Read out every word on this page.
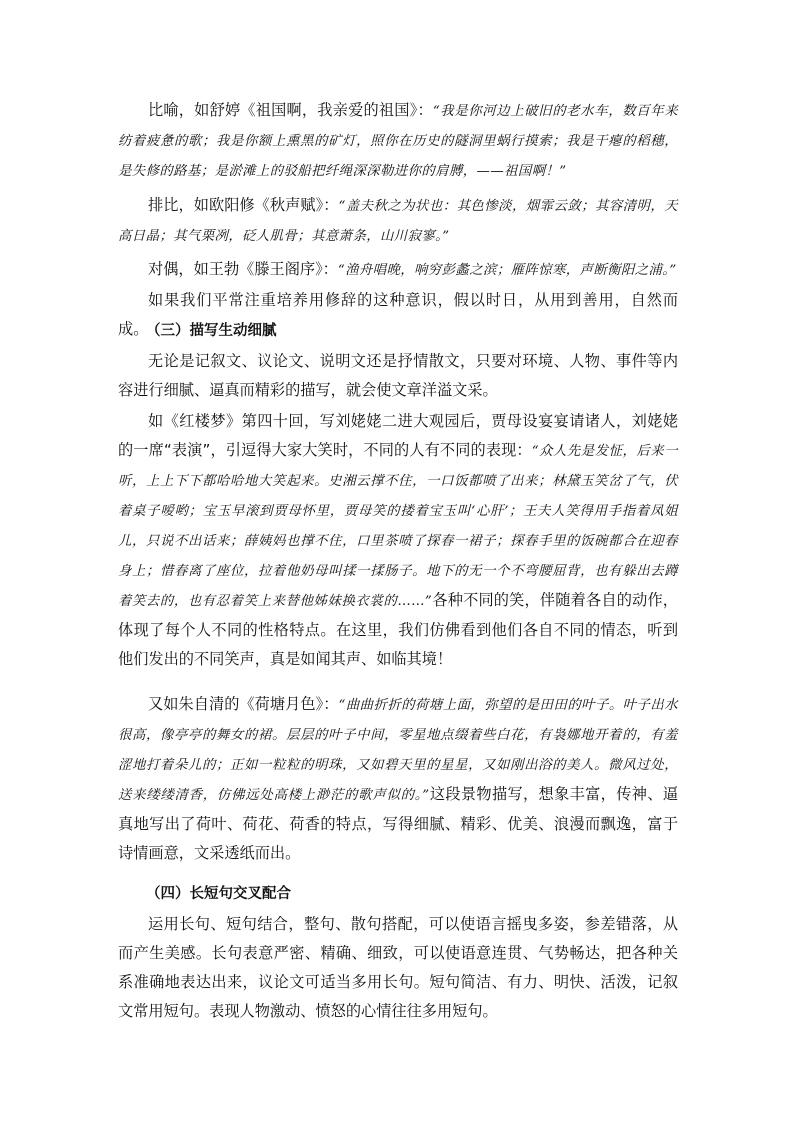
比喻，如舒婷《祖国啊，我亲爱的祖国》：“我是你河边上破旧的老水车，数百年来纺着疲惫的歌；我是你额上熏黑的矿灯，照你在历史的隧洞里蜗行摸索；我是干瘪的稻穗，是失修的路基；是淤滩上的驳船把纤绳深深勒进你的肩膊，——祖国啊！”

排比，如欧阳修《秋声赋》：“盖夫秋之为状也：其色惨淡，烟霏云敛；其容清明，天高日晶；其气栗冽，砭人肌骨；其意萧条，山川寂寥。”

对偶，如王勃《滕王阁序》：“渔舟唱晚，响穷彭蠡之滨；雁阵惊寒，声断衡阳之浦。”

如果我们平常注重培养用修辞的这种意识，假以时日，从用到善用，自然而成。

（三）描写生动细腻

无论是记叙文、议论文、说明文还是抒情散文，只要对环境、人物、事件等内容进行细腻、逼真而精彩的描写，就会使文章洋溢文采。

如《红楼梦》第四十回，写刘姥姥二进大观园后，贾母设宴宴请诸人，刘姥姥的一席“表演”，引逗得大家大笑时，不同的人有不同的表现：“众人先是发怔，后来一听，上上下下都哈哈地大笑起来。史湘云撑不住，一口饭都喷了出来；林黛玉笑岔了气，伏着桌子嗳哟；宝玉早滚到贾母怀里，贾母笑的搂着宝玉叫‘心肝’；王夫人笑得用手指着凤姐儿，只说不出话来；薛姨妈也撑不住，口里茶喷了探春一裙子；探春手里的饭碗都合在迎春身上；惜春离了座位，拉着他奶母叫揉一揉肠子。地下的无一个不弯腰屈背，也有躲出去蹲着笑去的，也有忍着笑上来替他姊妹换衣裳的……”各种不同的笑，伴随着各自的动作，体现了每个人不同的性格特点。在这里，我们仿佛看到他们各自不同的情态，听到他们发出的不同笑声，真是如闻其声、如临其境！

又如朱自清的《荷塘月色》：“曲曲折折的荷塘上面，弥望的是田田的叶子。叶子出水很高，像亭亭的舞女的裙。层层的叶子中间，零星地点缀着些白花，有袅娜地开着的，有羞涩地打着朵儿的；正如一粒粒的明珠，又如碧天里的星星，又如刚出浴的美人。微风过处，送来缕缕清香，仿佛远处高楼上渺茫的歌声似的。”这段景物描写，想象丰富，传神、逼真地写出了荷叶、荷花、荷香的特点，写得细腻、精彩、优美、浪漫而飘逸，富于诗情画意，文采透纸而出。

（四）长短句交叉配合

运用长句、短句结合，整句、散句搭配，可以使语言摇曳多姿，参差错落，从而产生美感。长句表意严密、精确、细致，可以使语意连贯、气势畅达，把各种关系准确地表达出来，议论文可适当多用长句。短句简洁、有力、明快、活泼，记叙文常用短句。表现人物激动、愤怒的心情往往多用短句。
